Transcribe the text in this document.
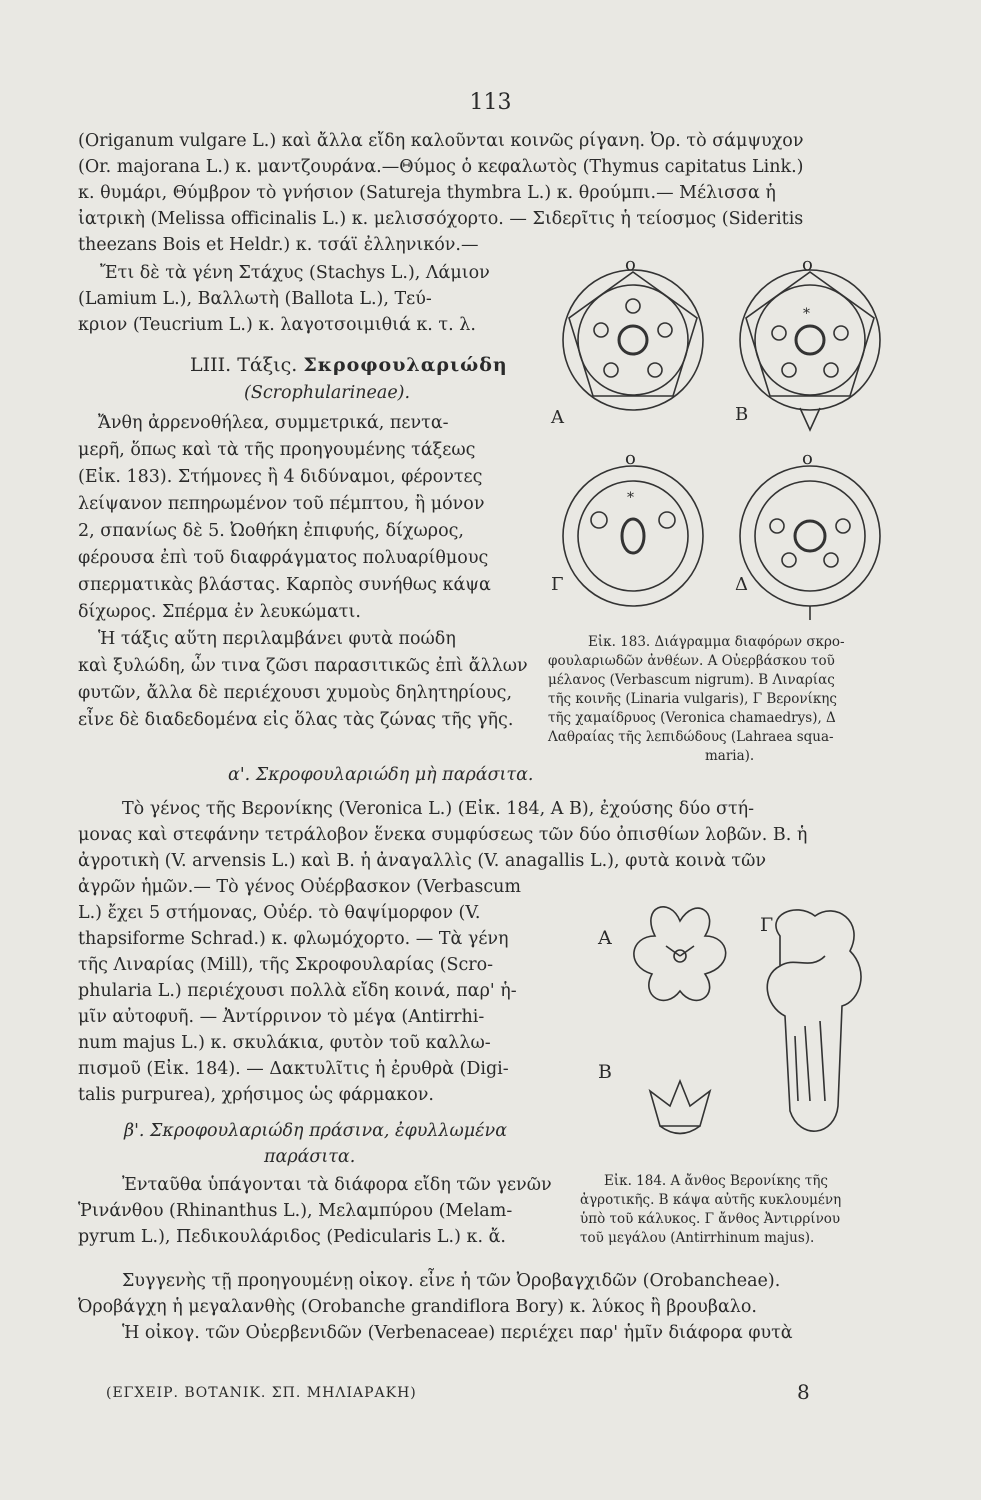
113
(Origanum vulgare L.) καὶ ἄλλα εἴδη καλοῦνται κοινῶς ρίγανη. Ὀρ. τὸ σάμψυχον
(Or. majorana L.) κ. μαντζουράνα.—Θύμος ὁ κεφαλωτὸς (Thymus capitatus Link.)
κ. θυμάρι, Θύμβρον τὸ γνήσιον (Satureja thymbra L.) κ. θρούμπι.— Μέλισσα ἡ
ἰατρικὴ (Melissa officinalis L.) κ. μελισσόχορτο. — Σιδερῖτις ἡ τείοσμος (Sideritis
theezans Bois et Heldr.) κ. τσάϊ ἐλληνικόν.—
Ἔτι δὲ τὰ γένη Στάχυς (Stachys L.), Λάμιον
(Lamium L.), Βαλλωτὴ (Ballota L.), Τεύ-
κριον (Teucrium L.) κ. λαγοτσοιμιθιά κ. τ. λ.
LIII. Τάξις. Σκροφουλαριώδη
(Scrophularineae).
Ἄνθη ἀρρενοθήλεα, συμμετρικά, πεντα-
μερῆ, ὅπως καὶ τὰ τῆς προηγουμένης τάξεως
(Εἰκ. 183). Στήμονες ἢ 4 διδύναμοι, φέροντες
λείψανον πεπηρωμένον τοῦ πέμπτου, ἢ μόνον
2, σπανίως δὲ 5. Ὠοθήκη ἐπιφυής, δίχωρος,
φέρουσα ἐπὶ τοῦ διαφράγματος πολυαρίθμους
σπερματικὰς βλάστας. Καρπὸς συνήθως κάψα
δίχωρος. Σπέρμα ἐν λευκώματι.
Ἡ τάξις αὕτη περιλαμβάνει φυτὰ ποώδη
καὶ ξυλώδη, ὧν τινα ζῶσι παρασιτικῶς ἐπὶ ἄλλων
φυτῶν, ἄλλα δὲ περιέχουσι χυμοὺς δηλητηρίους,
εἶνε δὲ διαδεδομένα εἰς ὅλας τὰς ζώνας τῆς γῆς.
o	o
o	o
*
*
A	B
Γ	Δ
Εἰκ. 183. Διάγραμμα διαφόρων σκρο-
φουλαριωδῶν ἀνθέων. Α Οὐερβάσκου τοῦ
μέλανος (Verbascum nigrum). Β Λιναρίας
τῆς κοινῆς (Linaria vulgaris), Γ Βερονίκης
τῆς χαμαίδρυος (Veronica chamaedrys), Δ
Λαθραίας τῆς λεπιδώδους (Lahraea squa-
maria).
α'. Σκροφουλαριώδη μὴ παράσιτα.
Τὸ γένος τῆς Βερονίκης (Veronica L.) (Εἰκ. 184, Α Β), ἐχούσης δύο στή-
μονας καὶ στεφάνην τετράλοβον ἕνεκα συμφύσεως τῶν δύο ὀπισθίων λοβῶν. Β. ἡ
ἀγροτικὴ (V. arvensis L.) καὶ Β. ἡ ἀναγαλλὶς (V. anagallis L.), φυτὰ κοινὰ τῶν
ἀγρῶν ἡμῶν.— Τὸ γένος Οὐέρβασκον (Verbascum
L.) ἔχει 5 στήμονας, Οὐέρ. τὸ θαψίμορφον (V.
thapsiforme Schrad.) κ. φλωμόχορτο. — Τὰ γένη
τῆς Λιναρίας (Mill), τῆς Σκροφουλαρίας (Scro-
phularia L.) περιέχουσι πολλὰ εἴδη κοινά, παρ' ἡ-
μῖν αὐτοφυῆ. — Ἀντίρρινον τὸ μέγα (Antirrhi-
num majus L.) κ. σκυλάκια, φυτὸν τοῦ καλλω-
πισμοῦ (Εἰκ. 184). — Δακτυλῖτις ἡ ἐρυθρὰ (Digi-
talis purpurea), χρήσιμος ὡς φάρμακον.
β'. Σκροφουλαριώδη πράσινα, ἐφυλλωμένα
παράσιτα.
Ἐνταῦθα ὑπάγονται τὰ διάφορα εἴδη τῶν γενῶν
Ῥινάνθου (Rhinanthus L.), Μελαμπύρου (Melam-
pyrum L.), Πεδικουλάριδος (Pedicularis L.) κ. ἄ.
A
B
Γ
Εἰκ. 184. Α ἄνθος Βερονίκης τῆς
ἀγροτικῆς. Β κάψα αὐτῆς κυκλουμένη
ὑπὸ τοῦ κάλυκος. Γ ἄνθος Ἀντιρρίνου
τοῦ μεγάλου (Antirrhinum majus).
Συγγενὴς τῇ προηγουμένῃ οἰκογ. εἶνε ἡ τῶν Ὀροβαγχιδῶν (Orobancheae).
Ὀροβάγχη ἡ μεγαλανθὴς (Orobanche grandiflora Bory) κ. λύκος ἢ βρουβαλο.
Ἡ οἰκογ. τῶν Οὐερβενιδῶν (Verbenaceae) περιέχει παρ' ἡμῖν διάφορα φυτὰ
(ΕΓΧΕΙΡ. ΒΟΤΑΝΙΚ. ΣΠ. ΜΗΛΙΑΡΑΚΗ)	8
